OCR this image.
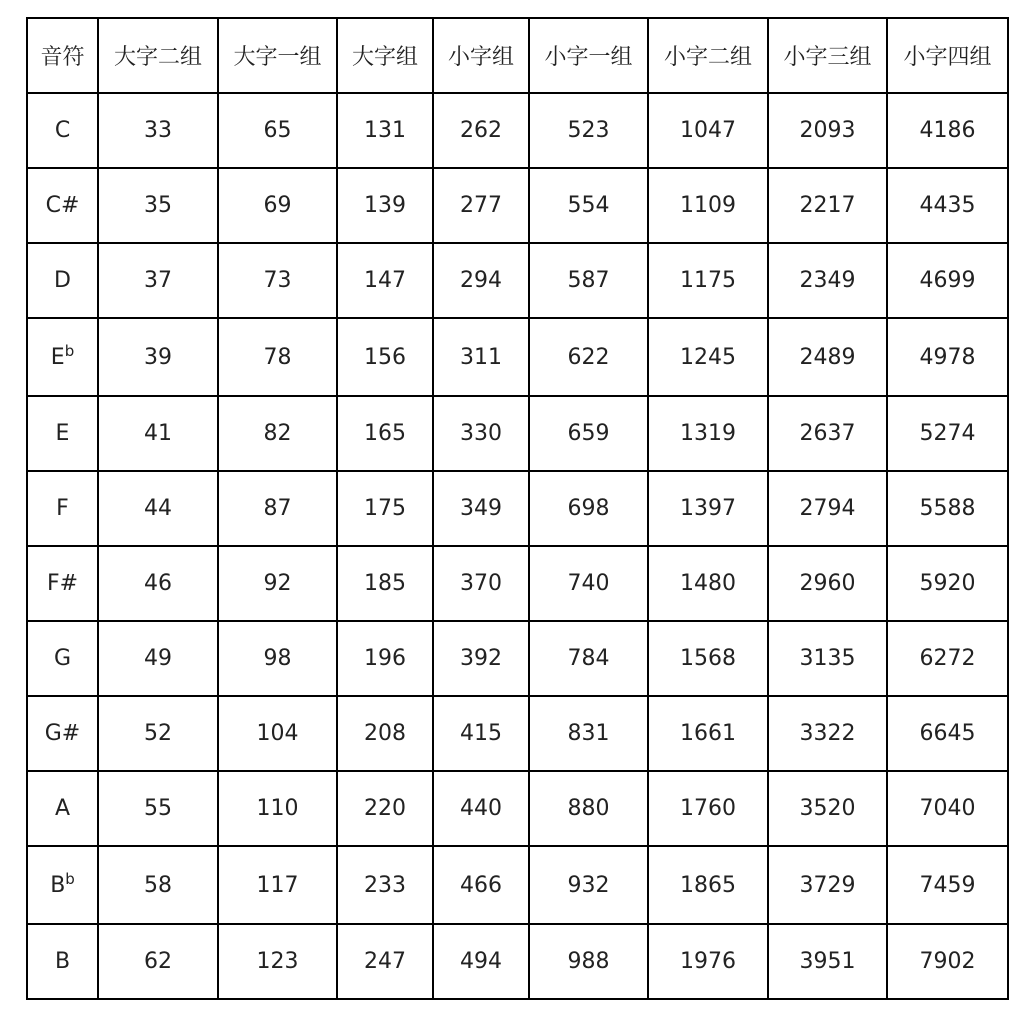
音符	大字二组	大字一组	大字组	小字组	小字一组	小字二组	小字三组	小字四组
C	33	65	131	262	523	1047	2093	4186
C#	35	69	139	277	554	1109	2217	4435
D	37	73	147	294	587	1175	2349	4699
$E^b$	39	78	156	311	622	1245	2489	4978
E	41	82	165	330	659	1319	2637	5274
F	44	87	175	349	698	1397	2794	5588
F#	46	92	185	370	740	1480	2960	5920
G	49	98	196	392	784	1568	3135	6272
G#	52	104	208	415	831	1661	3322	6645
A	55	110	220	440	880	1760	3520	7040
$B^b$	58	117	233	466	932	1865	3729	7459
B	62	123	247	494	988	1976	3951	7902
